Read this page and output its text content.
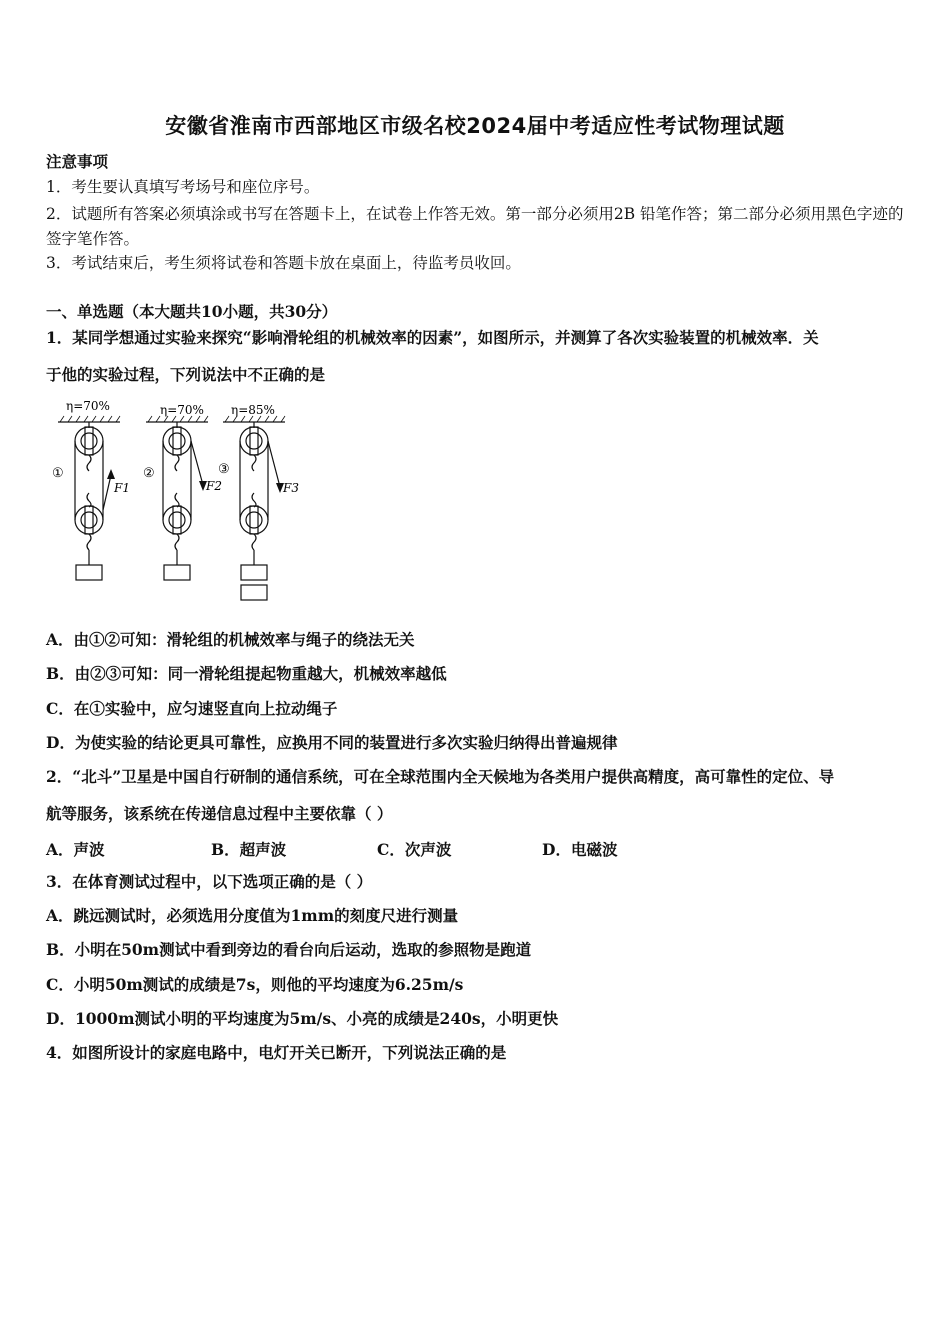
安徽省淮南市西部地区市级名校2024届中考适应性考试物理试题
注意事项
1．考生要认真填写考场号和座位序号。
2．试题所有答案必须填涂或书写在答题卡上，在试卷上作答无效。第一部分必须用2B 铅笔作答；第二部分必须用黑色字迹的签字笔作答。
3．考试结束后，考生须将试卷和答题卡放在桌面上，待监考员收回。
一、单选题（本大题共10小题，共30分）
1．某同学想通过实验来探究“影响滑轮组的机械效率的因素”，如图所示，并测算了各次实验装置的机械效率．关
于他的实验过程，下列说法中不正确的是
η=70%	η=70% η=85%
①	②	③
F1	F2	F3
A．由①②可知：滑轮组的机械效率与绳子的绕法无关
B．由②③可知：同一滑轮组提起物重越大，机械效率越低
C．在①实验中，应匀速竖直向上拉动绳子
D．为使实验的结论更具可靠性，应换用不同的装置进行多次实验归纳得出普遍规律
2．“北斗”卫星是中国自行研制的通信系统，可在全球范围内全天候地为各类用户提供高精度，高可靠性的定位、导
航等服务，该系统在传递信息过程中主要依靠（ ）
A．声波	B．超声波	C．次声波	D．电磁波
3．在体育测试过程中，以下选项正确的是（ ）
A．跳远测试时，必须选用分度值为1mm的刻度尺进行测量
B．小明在50m测试中看到旁边的看台向后运动，选取的参照物是跑道
C．小明50m测试的成绩是7s，则他的平均速度为6.25m/s
D．1000m测试小明的平均速度为5m/s、小亮的成绩是240s，小明更快
4．如图所设计的家庭电路中，电灯开关已断开，下列说法正确的是
